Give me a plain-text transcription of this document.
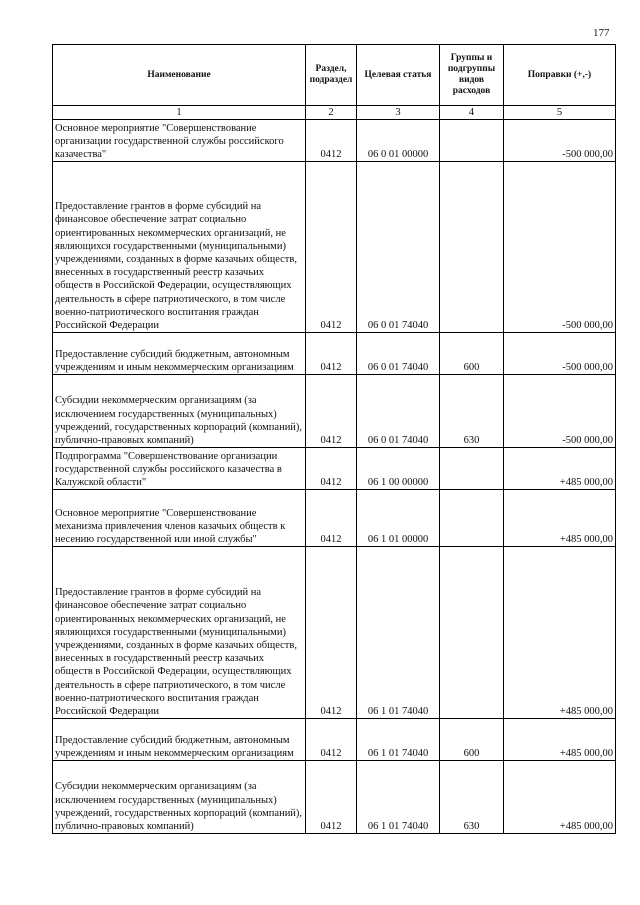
177
Наименование	Раздел, подраздел	Целевая статья	Группы и подгруппы видов расходов	Поправки (+,-)
1	2	3	4	5
Основное мероприятие "Совершенствование организации государственной службы российского казачества"	0412	06 0 01 00000		-500 000,00
Предоставление грантов в форме субсидий на финансовое обеспечение затрат социально ориентированных некоммерческих организаций, не являющихся государственными (муниципальными) учреждениями, созданных в форме казачьих обществ, внесенных в государственный реестр казачьих обществ в Российской Федерации, осуществляющих деятельность в сфере патриотического, в том числе военно-патриотического воспитания граждан Российской Федерации	0412	06 0 01 74040		-500 000,00
Предоставление субсидий бюджетным, автономным учреждениям и иным некоммерческим организациям	0412	06 0 01 74040	600	-500 000,00
Субсидии некоммерческим организациям (за исключением государственных (муниципальных) учреждений, государственных корпораций (компаний), публично-правовых компаний)	0412	06 0 01 74040	630	-500 000,00
Подпрограмма "Совершенствование организации государственной службы российского казачества в Калужской области"	0412	06 1 00 00000		+485 000,00
Основное мероприятие "Совершенствование механизма привлечения членов казачьих обществ к несению государственной или иной службы"	0412	06 1 01 00000		+485 000,00
Предоставление грантов в форме субсидий на финансовое обеспечение затрат социально ориентированных некоммерческих организаций, не являющихся государственными (муниципальными) учреждениями, созданных в форме казачьих обществ, внесенных в государственный реестр казачьих обществ в Российской Федерации, осуществляющих деятельность в сфере патриотического, в том числе военно-патриотического воспитания граждан Российской Федерации	0412	06 1 01 74040		+485 000,00
Предоставление субсидий бюджетным, автономным учреждениям и иным некоммерческим организациям	0412	06 1 01 74040	600	+485 000,00
Субсидии некоммерческим организациям (за исключением государственных (муниципальных) учреждений, государственных корпораций (компаний), публично-правовых компаний)	0412	06 1 01 74040	630	+485 000,00
